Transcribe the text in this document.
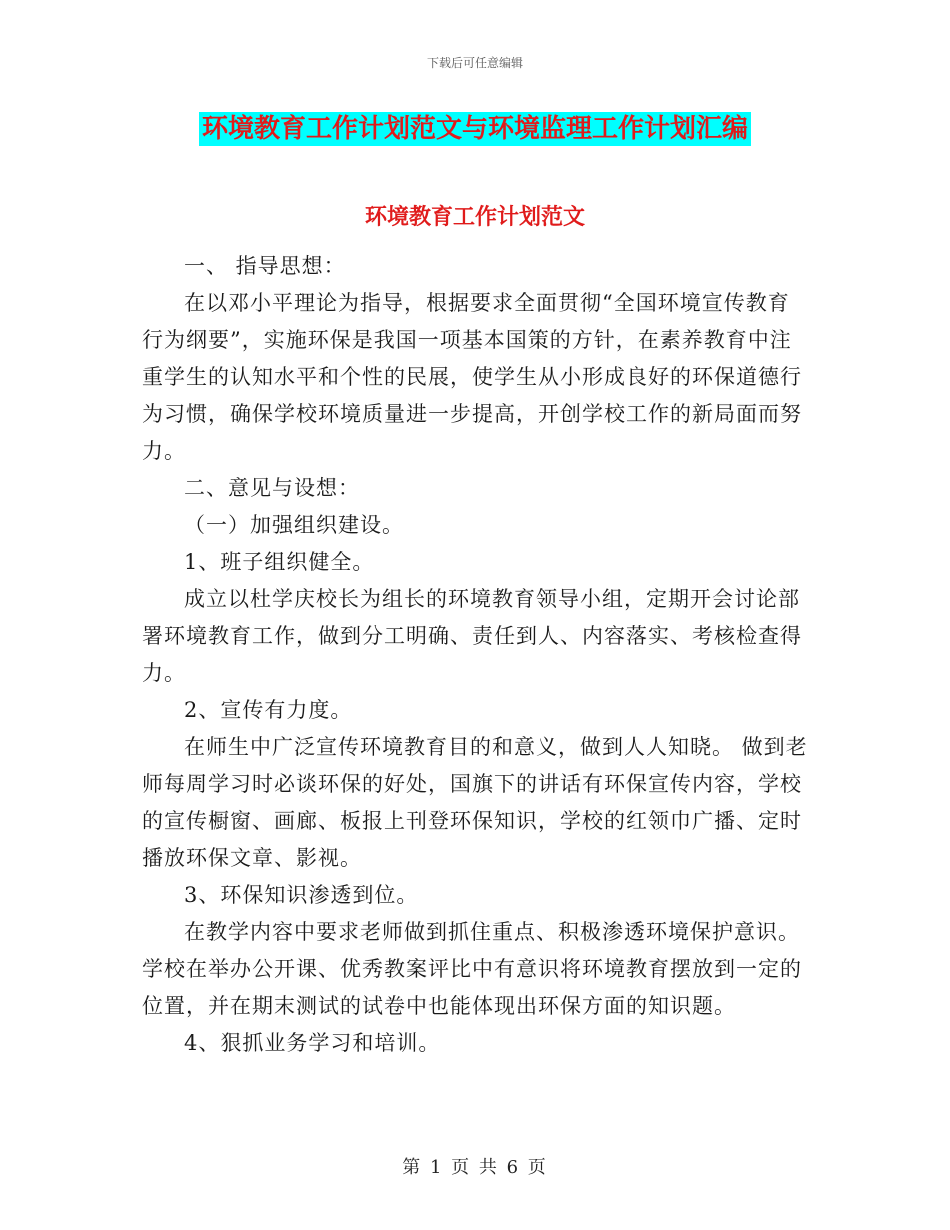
下载后可任意编辑
环境教育工作计划范文与环境监理工作计划汇编
环境教育工作计划范文

一、 指导思想：

在以邓小平理论为指导，根据要求全面贯彻“全国环境宣传教育行为纲要”，实施环保是我国一项基本国策的方针，在素养教育中注重学生的认知水平和个性的民展，使学生从小形成良好的环保道德行为习惯，确保学校环境质量进一步提高，开创学校工作的新局面而努力。

二、意见与设想：

（一）加强组织建设。

1、班子组织健全。

成立以杜学庆校长为组长的环境教育领导小组，定期开会讨论部署环境教育工作，做到分工明确、责任到人、内容落实、考核检查得力。

2、宣传有力度。

在师生中广泛宣传环境教育目的和意义，做到人人知晓。 做到老师每周学习时必谈环保的好处，国旗下的讲话有环保宣传内容，学校的宣传橱窗、画廊、板报上刊登环保知识，学校的红领巾广播、定时播放环保文章、影视。

3、环保知识渗透到位。

在教学内容中要求老师做到抓住重点、积极渗透环境保护意识。学校在举办公开课、优秀教案评比中有意识将环境教育摆放到一定的位置，并在期末测试的试卷中也能体现出环保方面的知识题。

4、狠抓业务学习和培训。

第 1 页 共 6 页
